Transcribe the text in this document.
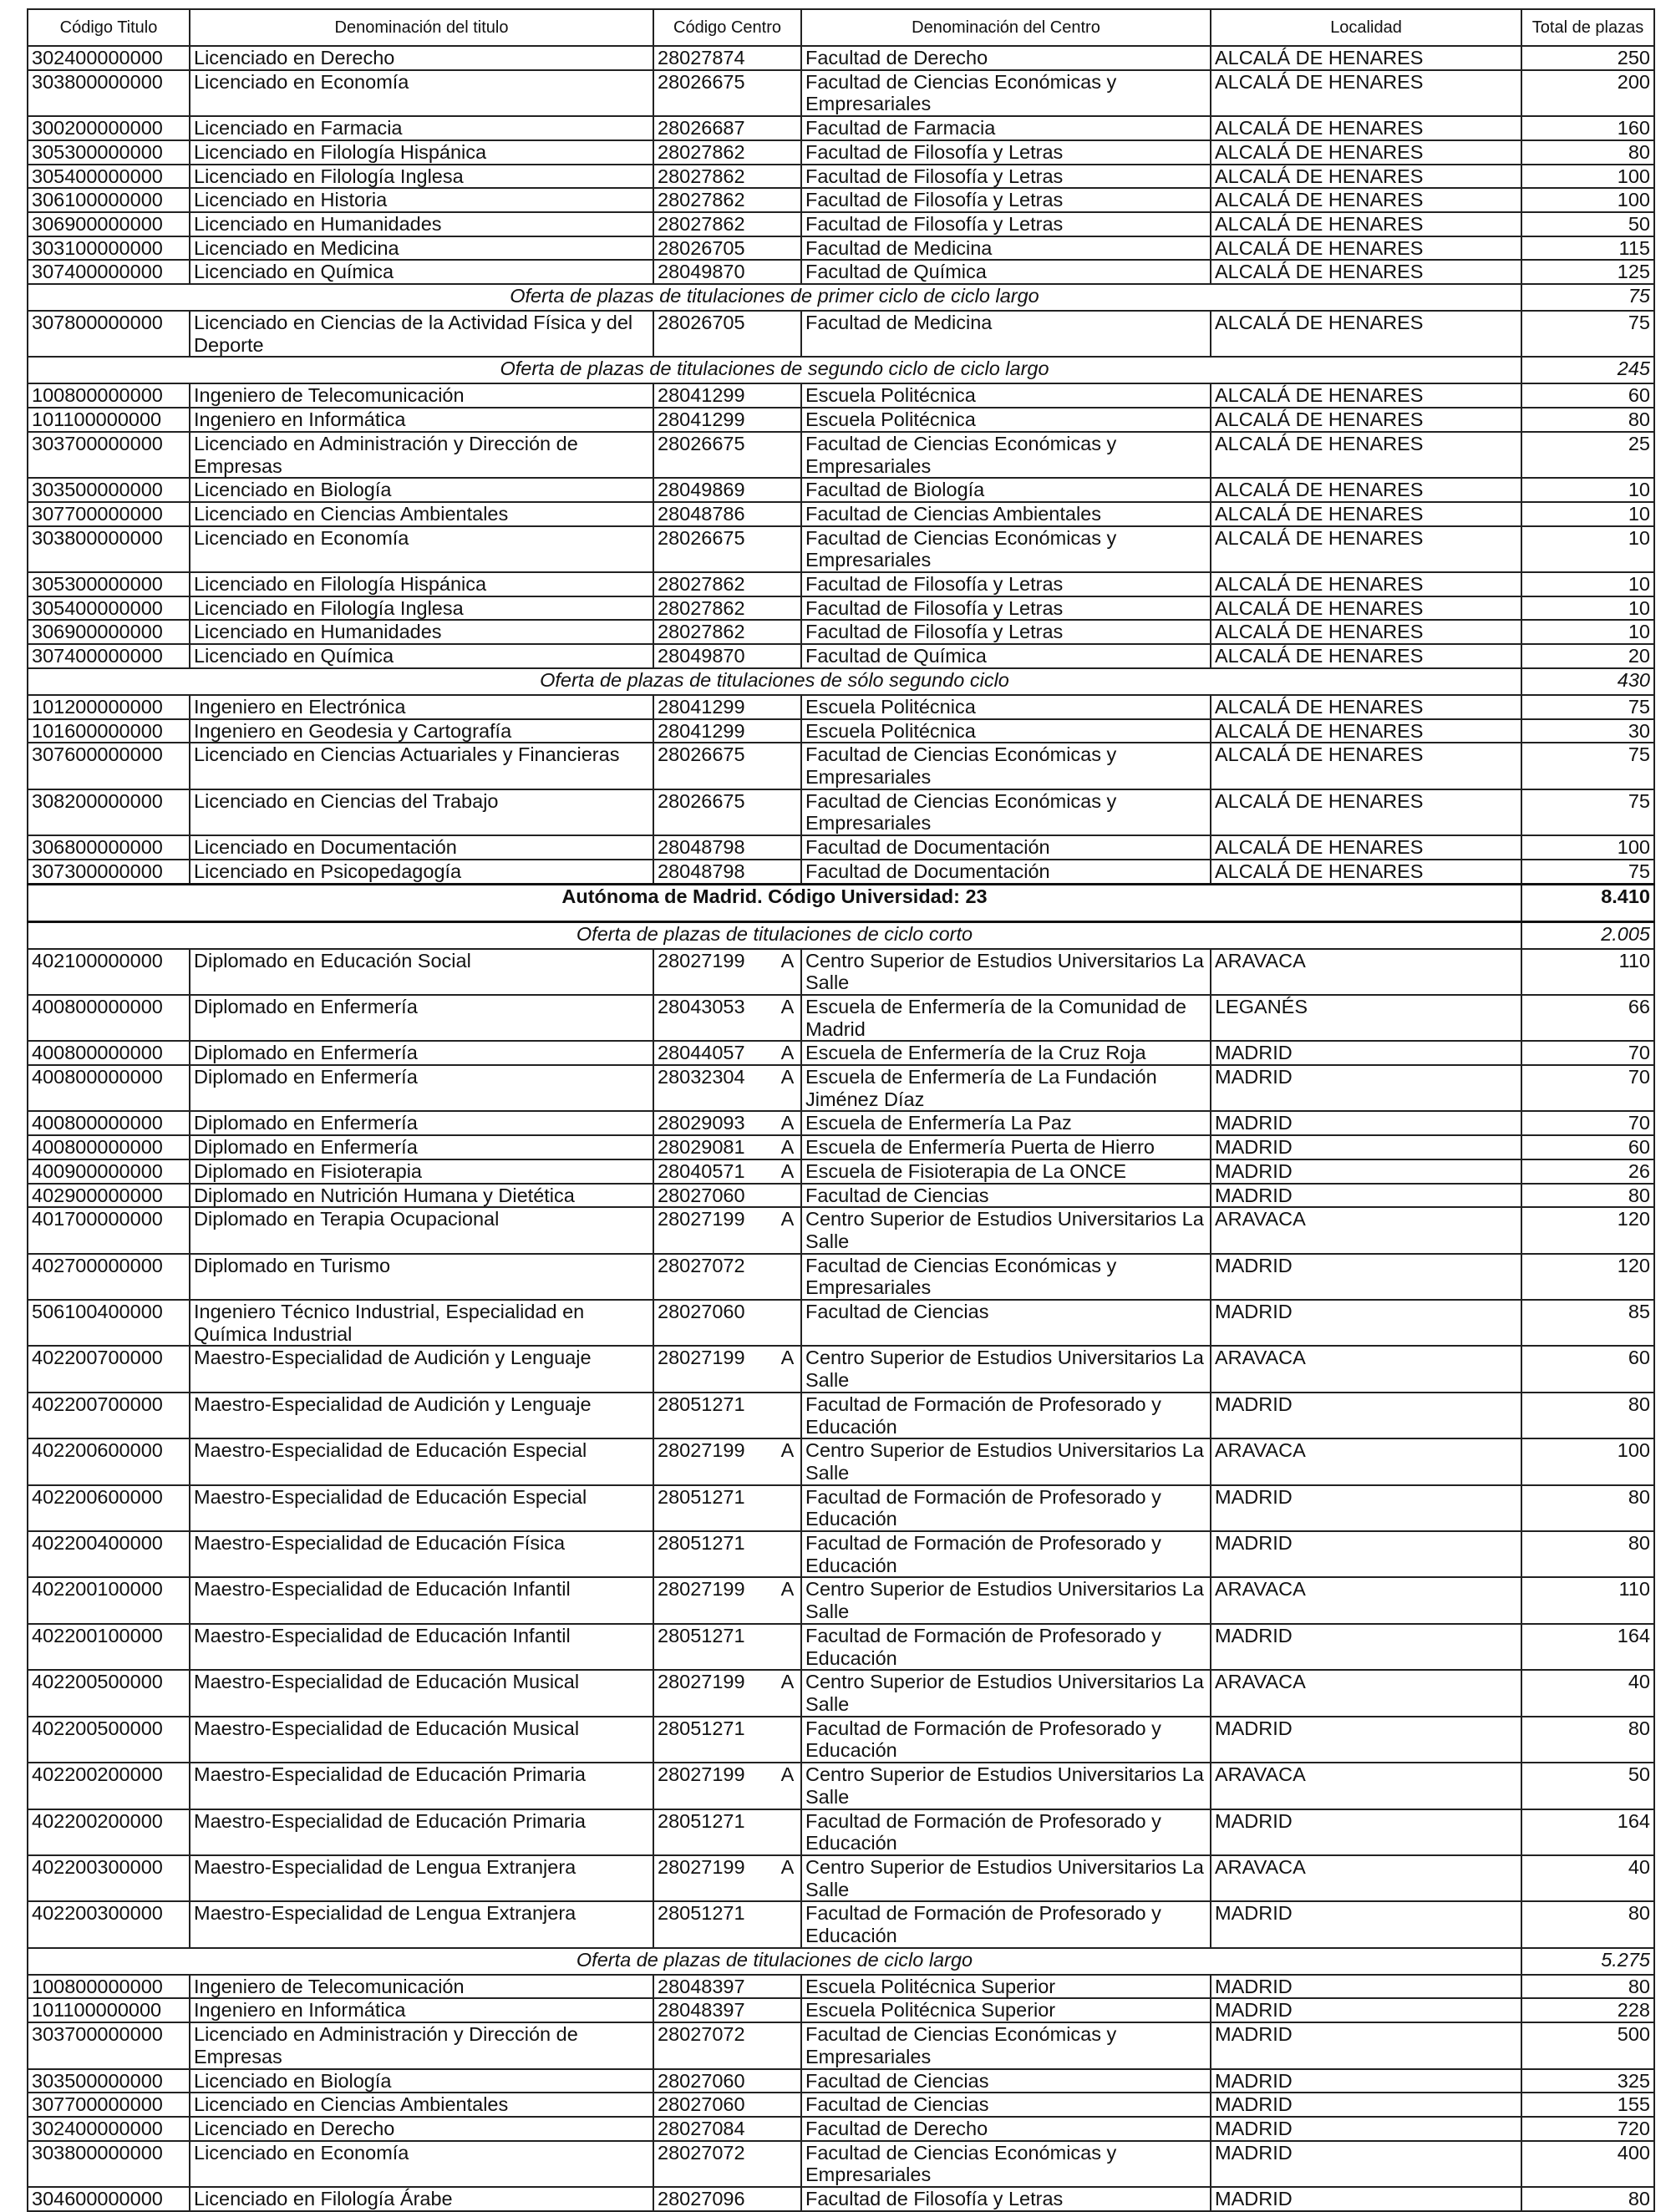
Código Titulo	Denominación del titulo	Código Centro		Denominación del Centro	Localidad	Total de plazas
302400000000	Licenciado en Derecho	28027874		Facultad de Derecho	ALCALÁ DE HENARES	250
303800000000	Licenciado en Economía	28026675		Facultad de Ciencias Económicas y Empresariales	ALCALÁ DE HENARES	200
300200000000	Licenciado en Farmacia	28026687		Facultad de Farmacia	ALCALÁ DE HENARES	160
305300000000	Licenciado en Filología Hispánica	28027862		Facultad de Filosofía y Letras	ALCALÁ DE HENARES	80
305400000000	Licenciado en Filología Inglesa	28027862		Facultad de Filosofía y Letras	ALCALÁ DE HENARES	100
306100000000	Licenciado en Historia	28027862		Facultad de Filosofía y Letras	ALCALÁ DE HENARES	100
306900000000	Licenciado en Humanidades	28027862		Facultad de Filosofía y Letras	ALCALÁ DE HENARES	50
303100000000	Licenciado en Medicina	28026705		Facultad de Medicina	ALCALÁ DE HENARES	115
307400000000	Licenciado en Química	28049870		Facultad de Química	ALCALÁ DE HENARES	125
Oferta de plazas de titulaciones de primer ciclo de ciclo largo						75
307800000000	Licenciado en Ciencias de la Actividad Física y del Deporte	28026705		Facultad de Medicina	ALCALÁ DE HENARES	75
Oferta de plazas de titulaciones de segundo ciclo de ciclo largo						245
100800000000	Ingeniero de Telecomunicación	28041299		Escuela Politécnica	ALCALÁ DE HENARES	60
101100000000	Ingeniero en Informática	28041299		Escuela Politécnica	ALCALÁ DE HENARES	80
303700000000	Licenciado en Administración y Dirección de Empresas	28026675		Facultad de Ciencias Económicas y Empresariales	ALCALÁ DE HENARES	25
303500000000	Licenciado en Biología	28049869		Facultad de Biología	ALCALÁ DE HENARES	10
307700000000	Licenciado en Ciencias Ambientales	28048786		Facultad de Ciencias Ambientales	ALCALÁ DE HENARES	10
303800000000	Licenciado en Economía	28026675		Facultad de Ciencias Económicas y Empresariales	ALCALÁ DE HENARES	10
305300000000	Licenciado en Filología Hispánica	28027862		Facultad de Filosofía y Letras	ALCALÁ DE HENARES	10
305400000000	Licenciado en Filología Inglesa	28027862		Facultad de Filosofía y Letras	ALCALÁ DE HENARES	10
306900000000	Licenciado en Humanidades	28027862		Facultad de Filosofía y Letras	ALCALÁ DE HENARES	10
307400000000	Licenciado en Química	28049870		Facultad de Química	ALCALÁ DE HENARES	20
Oferta de plazas de titulaciones de sólo segundo ciclo						430
101200000000	Ingeniero en Electrónica	28041299		Escuela Politécnica	ALCALÁ DE HENARES	75
101600000000	Ingeniero en Geodesia y Cartografía	28041299		Escuela Politécnica	ALCALÁ DE HENARES	30
307600000000	Licenciado en Ciencias Actuariales y Financieras	28026675		Facultad de Ciencias Económicas y Empresariales	ALCALÁ DE HENARES	75
308200000000	Licenciado en Ciencias del Trabajo	28026675		Facultad de Ciencias Económicas y Empresariales	ALCALÁ DE HENARES	75
306800000000	Licenciado en Documentación	28048798		Facultad de Documentación	ALCALÁ DE HENARES	100
307300000000	Licenciado en Psicopedagogía	28048798		Facultad de Documentación	ALCALÁ DE HENARES	75
Autónoma de Madrid. Código Universidad: 23						8.410
Oferta de plazas de titulaciones de ciclo corto						2.005
402100000000	Diplomado en Educación Social	28027199	A	Centro Superior de Estudios Universitarios La Salle	ARAVACA	110
400800000000	Diplomado en Enfermería	28043053	A	Escuela de Enfermería de la Comunidad de Madrid	LEGANÉS	66
400800000000	Diplomado en Enfermería	28044057	A	Escuela de Enfermería de la Cruz Roja	MADRID	70
400800000000	Diplomado en Enfermería	28032304	A	Escuela de Enfermería de La Fundación Jiménez Díaz	MADRID	70
400800000000	Diplomado en Enfermería	28029093	A	Escuela de Enfermería La Paz	MADRID	70
400800000000	Diplomado en Enfermería	28029081	A	Escuela de Enfermería Puerta de Hierro	MADRID	60
400900000000	Diplomado en Fisioterapia	28040571	A	Escuela de Fisioterapia de La ONCE	MADRID	26
402900000000	Diplomado en Nutrición Humana y Dietética	28027060		Facultad de Ciencias	MADRID	80
401700000000	Diplomado en Terapia Ocupacional	28027199	A	Centro Superior de Estudios Universitarios La Salle	ARAVACA	120
402700000000	Diplomado en Turismo	28027072		Facultad de Ciencias Económicas y Empresariales	MADRID	120
506100400000	Ingeniero Técnico Industrial, Especialidad en Química Industrial	28027060		Facultad de Ciencias	MADRID	85
402200700000	Maestro-Especialidad de Audición y Lenguaje	28027199	A	Centro Superior de Estudios Universitarios La Salle	ARAVACA	60
402200700000	Maestro-Especialidad de Audición y Lenguaje	28051271		Facultad de Formación de Profesorado y Educación	MADRID	80
402200600000	Maestro-Especialidad de Educación Especial	28027199	A	Centro Superior de Estudios Universitarios La Salle	ARAVACA	100
402200600000	Maestro-Especialidad de Educación Especial	28051271		Facultad de Formación de Profesorado y Educación	MADRID	80
402200400000	Maestro-Especialidad de Educación Física	28051271		Facultad de Formación de Profesorado y Educación	MADRID	80
402200100000	Maestro-Especialidad de Educación Infantil	28027199	A	Centro Superior de Estudios Universitarios La Salle	ARAVACA	110
402200100000	Maestro-Especialidad de Educación Infantil	28051271		Facultad de Formación de Profesorado y Educación	MADRID	164
402200500000	Maestro-Especialidad de Educación Musical	28027199	A	Centro Superior de Estudios Universitarios La Salle	ARAVACA	40
402200500000	Maestro-Especialidad de Educación Musical	28051271		Facultad de Formación de Profesorado y Educación	MADRID	80
402200200000	Maestro-Especialidad de Educación Primaria	28027199	A	Centro Superior de Estudios Universitarios La Salle	ARAVACA	50
402200200000	Maestro-Especialidad de Educación Primaria	28051271		Facultad de Formación de Profesorado y Educación	MADRID	164
402200300000	Maestro-Especialidad de Lengua Extranjera	28027199	A	Centro Superior de Estudios Universitarios La Salle	ARAVACA	40
402200300000	Maestro-Especialidad de Lengua Extranjera	28051271		Facultad de Formación de Profesorado y Educación	MADRID	80
Oferta de plazas de titulaciones de ciclo largo						5.275
100800000000	Ingeniero de Telecomunicación	28048397		Escuela Politécnica Superior	MADRID	80
101100000000	Ingeniero en Informática	28048397		Escuela Politécnica Superior	MADRID	228
303700000000	Licenciado en Administración y Dirección de Empresas	28027072		Facultad de Ciencias Económicas y Empresariales	MADRID	500
303500000000	Licenciado en Biología	28027060		Facultad de Ciencias	MADRID	325
307700000000	Licenciado en Ciencias Ambientales	28027060		Facultad de Ciencias	MADRID	155
302400000000	Licenciado en Derecho	28027084		Facultad de Derecho	MADRID	720
303800000000	Licenciado en Economía	28027072		Facultad de Ciencias Económicas y Empresariales	MADRID	400
304600000000	Licenciado en Filología Árabe	28027096		Facultad de Filosofía y Letras	MADRID	80
